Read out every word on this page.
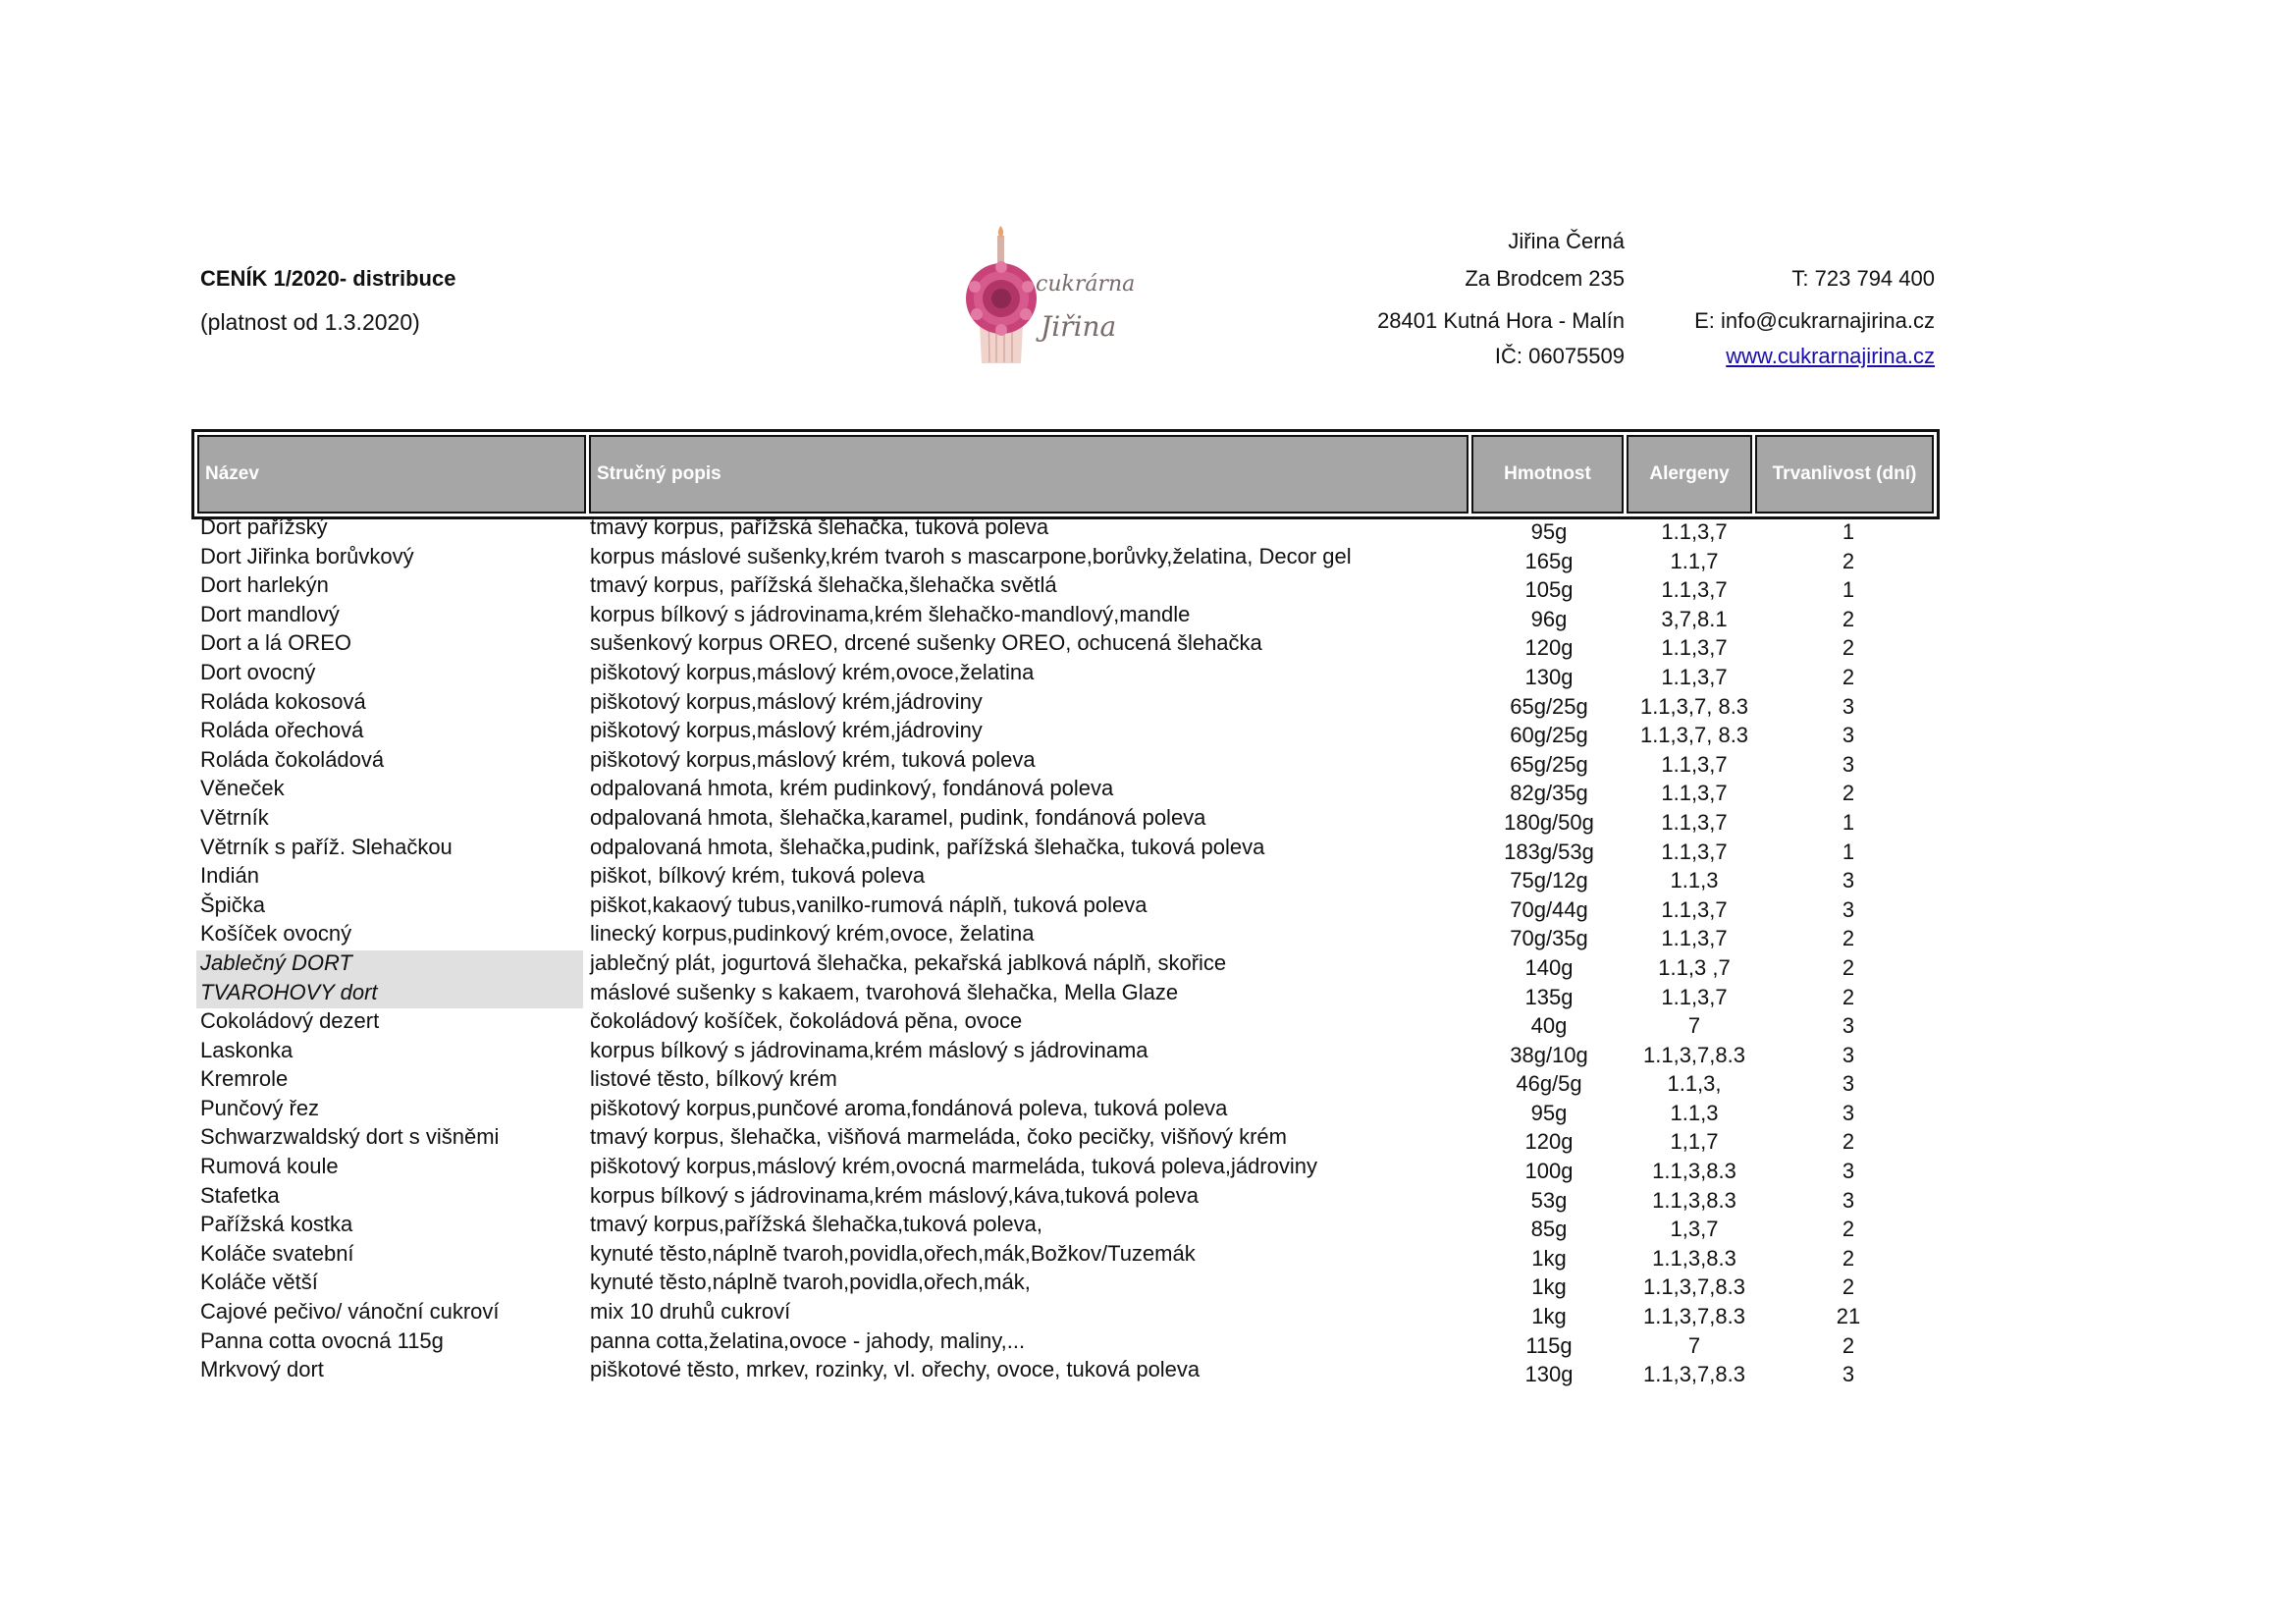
CENÍK 1/2020- distribuce
(platnost od 1.3.2020)
cukrárna
Jiřina
Jiřina Černá
Za Brodcem 235
28401 Kutná Hora - Malín
IČ: 06075509
T: 723 794 400
E: info@cukrarnajirina.cz
www.cukrarnajirina.cz
Název	Stručný popis	Hmotnost	Alergeny	Trvanlivost (dní)
Dort pařížský	tmavý korpus, pařížská šlehačka, tuková poleva	95g	1.1,3,7	1
Dort Jiřinka borůvkový	korpus máslové sušenky,krém tvaroh s mascarpone,borůvky,želatina, Decor gel	165g	1.1,7	2
Dort harlekýn	tmavý korpus, pařížská šlehačka,šlehačka světlá	105g	1.1,3,7	1
Dort mandlový	korpus bílkový s jádrovinama,krém šlehačko-mandlový,mandle	96g	3,7,8.1	2
Dort a lá OREO	sušenkový korpus OREO, drcené sušenky OREO, ochucená šlehačka	120g	1.1,3,7	2
Dort ovocný	piškotový korpus,máslový krém,ovoce,želatina	130g	1.1,3,7	2
Roláda kokosová	piškotový korpus,máslový krém,jádroviny	65g/25g	1.1,3,7, 8.3	3
Roláda ořechová	piškotový korpus,máslový krém,jádroviny	60g/25g	1.1,3,7, 8.3	3
Roláda čokoládová	piškotový korpus,máslový krém, tuková poleva	65g/25g	1.1,3,7	3
Věneček	odpalovaná hmota, krém pudinkový, fondánová poleva	82g/35g	1.1,3,7	2
Větrník	odpalovaná hmota, šlehačka,karamel, pudink, fondánová poleva	180g/50g	1.1,3,7	1
Větrník s paříž. Slehačkou	odpalovaná hmota, šlehačka,pudink, pařížská šlehačka, tuková poleva	183g/53g	1.1,3,7	1
Indián	piškot, bílkový krém, tuková poleva	75g/12g	1.1,3	3
Špička	piškot,kakaový tubus,vanilko-rumová náplň, tuková poleva	70g/44g	1.1,3,7	3
Košíček ovocný	linecký korpus,pudinkový krém,ovoce, želatina	70g/35g	1.1,3,7	2
Jablečný DORT	jablečný plát, jogurtová šlehačka, pekařská jablková náplň, skořice	140g	1.1,3 ,7	2
TVAROHOVY dort	máslové sušenky s kakaem, tvarohová šlehačka, Mella Glaze	135g	1.1,3,7	2
Cokoládový dezert	čokoládový košíček, čokoládová pěna, ovoce	40g	7	3
Laskonka	korpus bílkový s jádrovinama,krém máslový s jádrovinama	38g/10g	1.1,3,7,8.3	3
Kremrole	listové těsto, bílkový krém	46g/5g	1.1,3,	3
Punčový řez	piškotový korpus,punčové aroma,fondánová poleva, tuková poleva	95g	1.1,3	3
Schwarzwaldský dort s višněmi	tmavý korpus, šlehačka, višňová marmeláda, čoko pecičky, višňový krém	120g	1,1,7	2
Rumová koule	piškotový korpus,máslový krém,ovocná marmeláda, tuková poleva,jádroviny	100g	1.1,3,8.3	3
Stafetka	korpus bílkový s jádrovinama,krém máslový,káva,tuková poleva	53g	1.1,3,8.3	3
Pařížská kostka	tmavý korpus,pařížská šlehačka,tuková poleva,	85g	1,3,7	2
Koláče svatební	kynuté těsto,náplně tvaroh,povidla,ořech,mák,Božkov/Tuzemák	1kg	1.1,3,8.3	2
Koláče větší	kynuté těsto,náplně tvaroh,povidla,ořech,mák,	1kg	1.1,3,7,8.3	2
Cajové pečivo/ vánoční cukroví	mix 10 druhů cukroví	1kg	1.1,3,7,8.3	21
Panna cotta ovocná 115g	panna cotta,želatina,ovoce - jahody, maliny,...	115g	7	2
Mrkvový dort	piškotové těsto, mrkev, rozinky, vl. ořechy, ovoce, tuková poleva	130g	1.1,3,7,8.3	3
